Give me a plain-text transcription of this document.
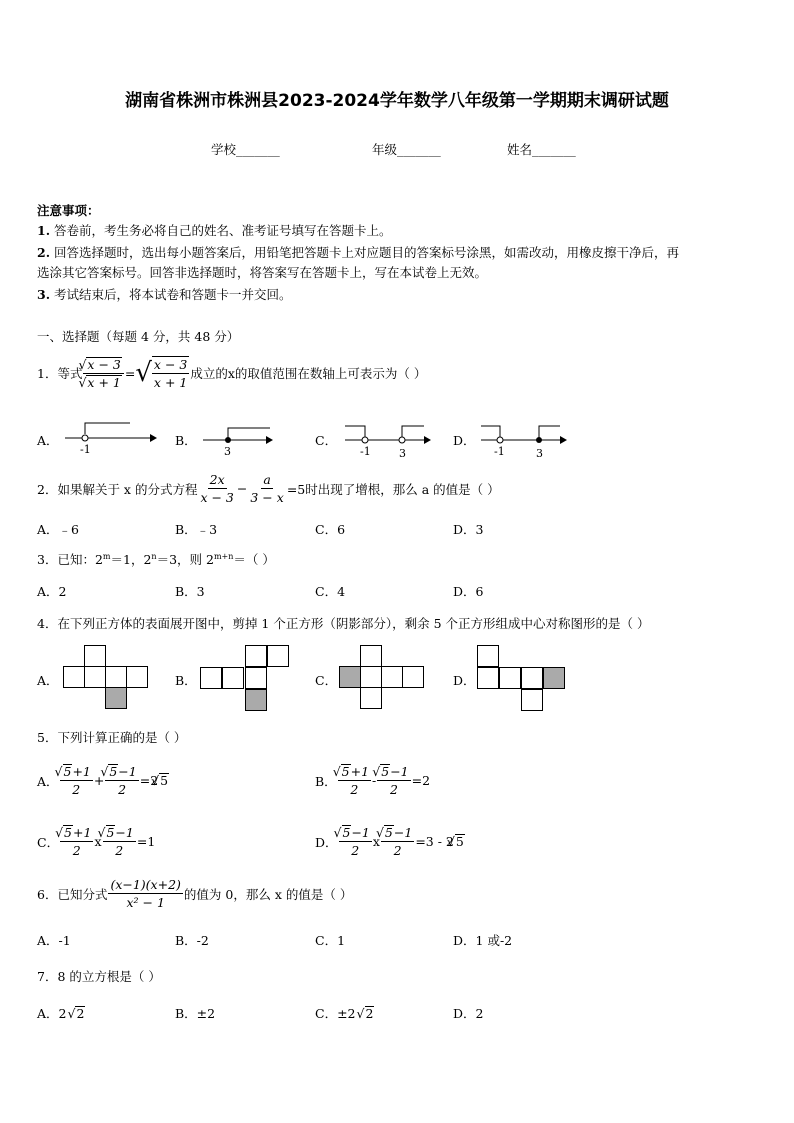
湖南省株洲市株洲县2023-2024学年数学八年级第一学期期末调研试题
学校_______	年级_______	姓名_______
注意事项：
1. 答卷前，考生务必将自己的姓名、准考证号填写在答题卡上。
2. 回答选择题时，选出每小题答案后，用铅笔把答题卡上对应题目的答案标号涂黑，如需改动，用橡皮擦干净后，再
选涂其它答案标号。回答非选择题时，将答案写在答题卡上，写在本试卷上无效。
3. 考试结束后，将本试卷和答题卡一并交回。
一、选择题（每题 4 分，共 48 分）
1．等式 √ x − 3
√ x + 1 = √ $\frac{x - 3}{x + 1}$ 成立的x的取值范围在数轴上可表示为（ ）
A．	B．	C．	D．
-1	3	-1	3	-1	3
2．如果解关于 x 的分式方程 $\frac{2x}{x - 3} - \frac{a}{3 - x} =5$时出现了增根，那么 a 的值是（ ）
A．﹣6	B．﹣3	C．6	D．3
3．已知：$2^m=1$，$2^n=3$，则 $2^{m+n}=$（ ）
A．2	B．3	C．4	D．6
4．在下列正方体的表面展开图中，剪掉 1 个正方形（阴影部分），剩余 5 个正方形组成中心对称图形的是（ ）
A．	B．	C．	D．
5．下列计算正确的是（ ）
A． √ $\frac{5+1}{2}$ + √ $\frac{5-1}{2} =2$ √ 5	B． √ $\frac{5+1}{2}$ - √ $\frac{5-1}{2} =2$
C． √ $\frac{5+1}{2}$ x √ $\frac{5-1}{2} =1$	D． √ $\frac{5-1}{2}$ x √ $\frac{5-1}{2} =3 - 2$ √ 5
6．已知分式 $\frac{(x-1)(x+2)}{\text{x² − 1}}$ 的值为 0，那么 x 的值是（ ）
A．-1	B．-2	C．1	D．1 或-2
7．8 的立方根是（ ）
A．2 √ 2	B．±2	C．±2 √ 2	D．2
